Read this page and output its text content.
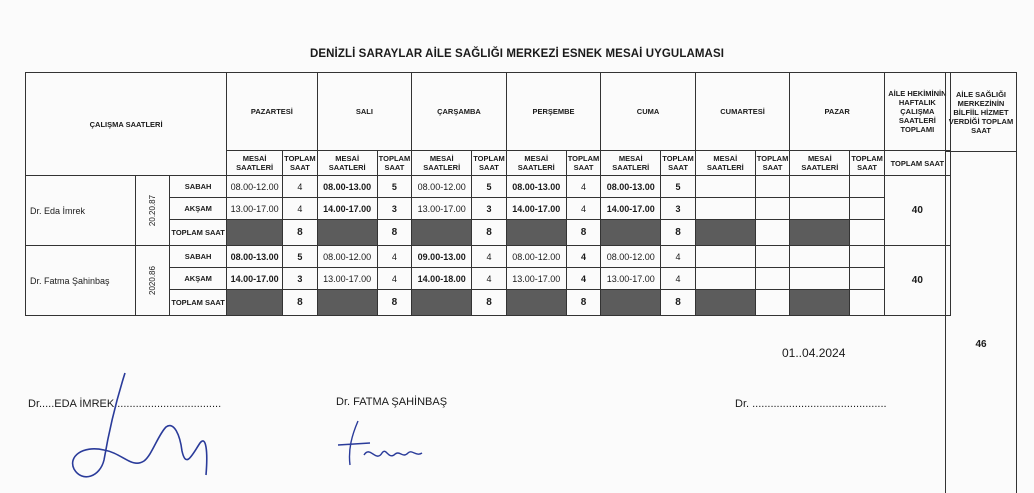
DENİZLİ SARAYLAR AİLE SAĞLIĞI MERKEZİ ESNEK MESAİ UYGULAMASI
ÇALIŞMA SAATLERİ			PAZARTESİ		SALI		ÇARŞAMBA		PERŞEMBE		CUMA		CUMARTESİ		PAZAR		AİLE HEKİMİNİN HAFTALIK ÇALIŞMA SAATLERİ TOPLAMI
			MESAİ SAATLERİ	TOPLAM SAAT	MESAİ SAATLERİ	TOPLAM SAAT	MESAİ SAATLERİ	TOPLAM SAAT	MESAİ SAATLERİ	TOPLAM SAAT	MESAİ SAATLERİ	TOPLAM SAAT	MESAİ SAATLERİ	TOPLAM SAAT	MESAİ SAATLERİ	TOPLAM SAAT	TOPLAM SAAT
Dr. Eda İmrek	20.20.87	SABAH	08.00-12.00	4	08.00-13.00	5	08.00-12.00	5	08.00-13.00	4	08.00-13.00	5					40
		AKŞAM	13.00-17.00	4	14.00-17.00	3	13.00-17.00	3	14.00-17.00	4	14.00-17.00	3					
		TOPLAM SAAT		8		8		8		8		8					
Dr. Fatma Şahinbaş	2020.86	SABAH	08.00-13.00	5	08.00-12.00	4	09.00-13.00	4	08.00-12.00	4	08.00-12.00	4					40
		AKŞAM	14.00-17.00	3	13.00-17.00	4	14.00-18.00	4	13.00-17.00	4	13.00-17.00	4					
		TOPLAM SAAT		8		8		8		8		8					
AİLE SAĞLIĞI MERKEZİNİN BİLFİİL HİZMET VERDİĞİ TOPLAM SAAT
46
01..04.2024
Dr.....EDA İMREK...................................	Dr. FATMA ŞAHİNBAŞ	Dr. ............................................
